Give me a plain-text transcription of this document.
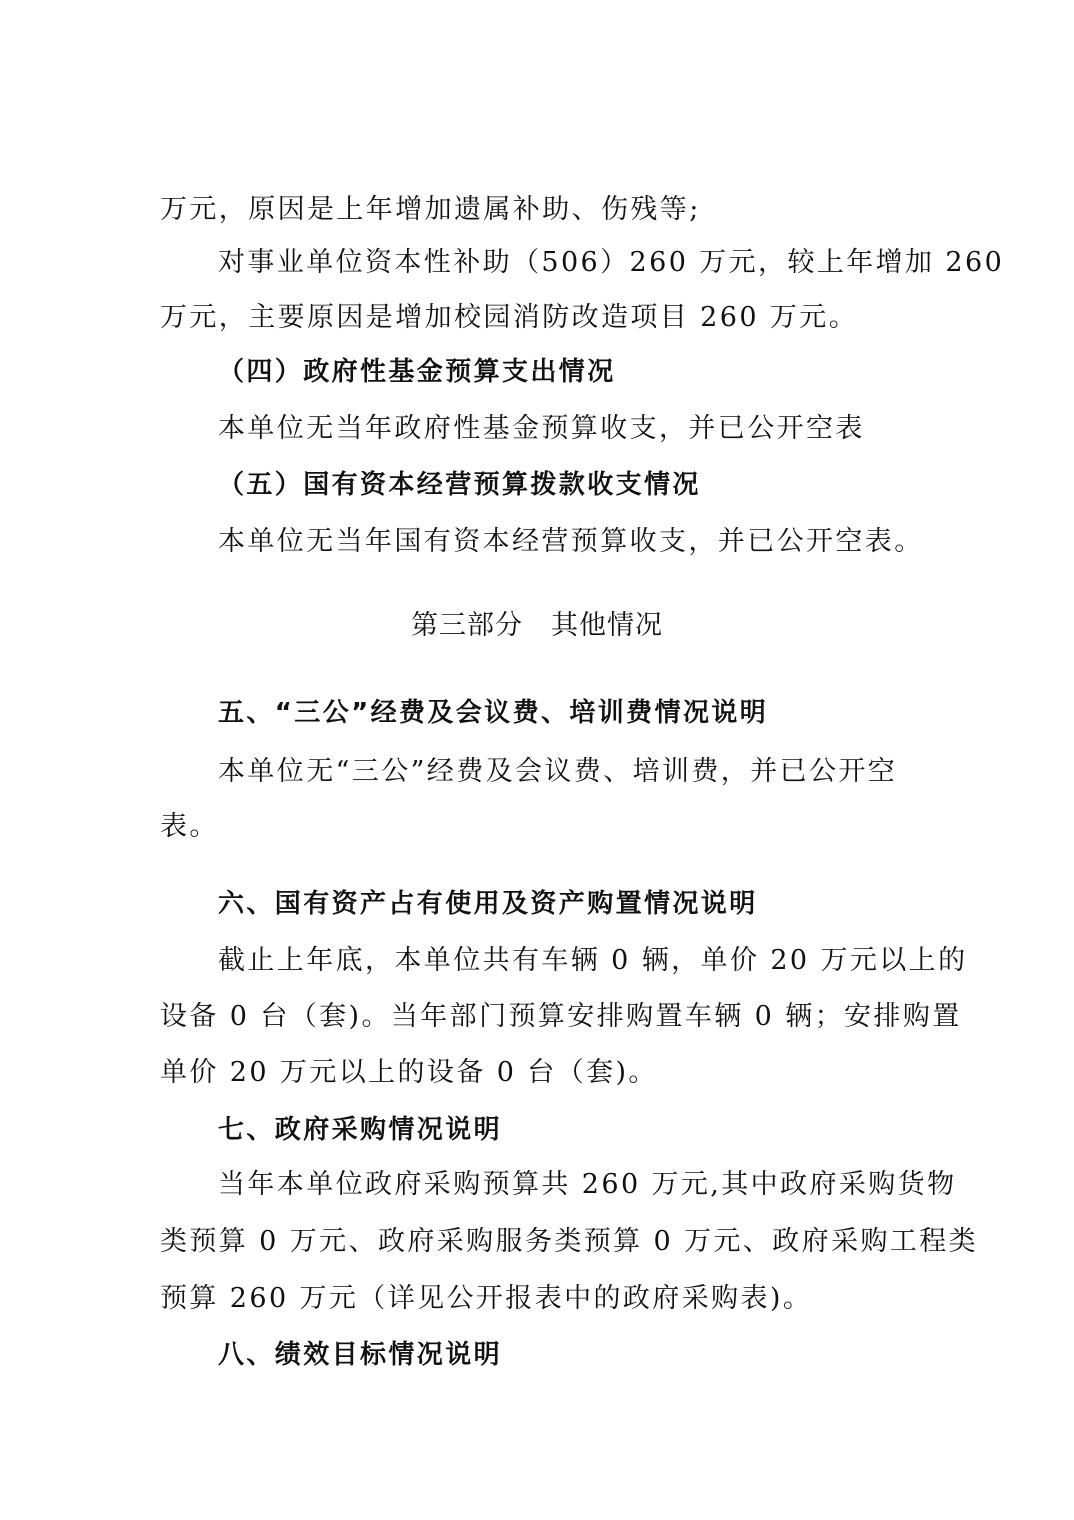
万元，原因是上年增加遗属补助、伤残等;
对事业单位资本性补助（506）260 万元，较上年增加 260
万元，主要原因是增加校园消防改造项目 260 万元。
（四）政府性基金预算支出情况
本单位无当年政府性基金预算收支，并已公开空表
（五）国有资本经营预算拨款收支情况
本单位无当年国有资本经营预算收支，并已公开空表。
第三部分　其他情况
五、“三公”经费及会议费、培训费情况说明
本单位无“三公”经费及会议费、培训费，并已公开空
表。
六、国有资产占有使用及资产购置情况说明
截止上年底，本单位共有车辆 0 辆，单价 20 万元以上的
设备 0 台（套)。当年部门预算安排购置车辆 0 辆；安排购置
单价 20 万元以上的设备 0 台（套)。
七、政府采购情况说明
当年本单位政府采购预算共 260 万元,其中政府采购货物
类预算 0 万元、政府采购服务类预算 0 万元、政府采购工程类
预算 260 万元（详见公开报表中的政府采购表)。
八、绩效目标情况说明
